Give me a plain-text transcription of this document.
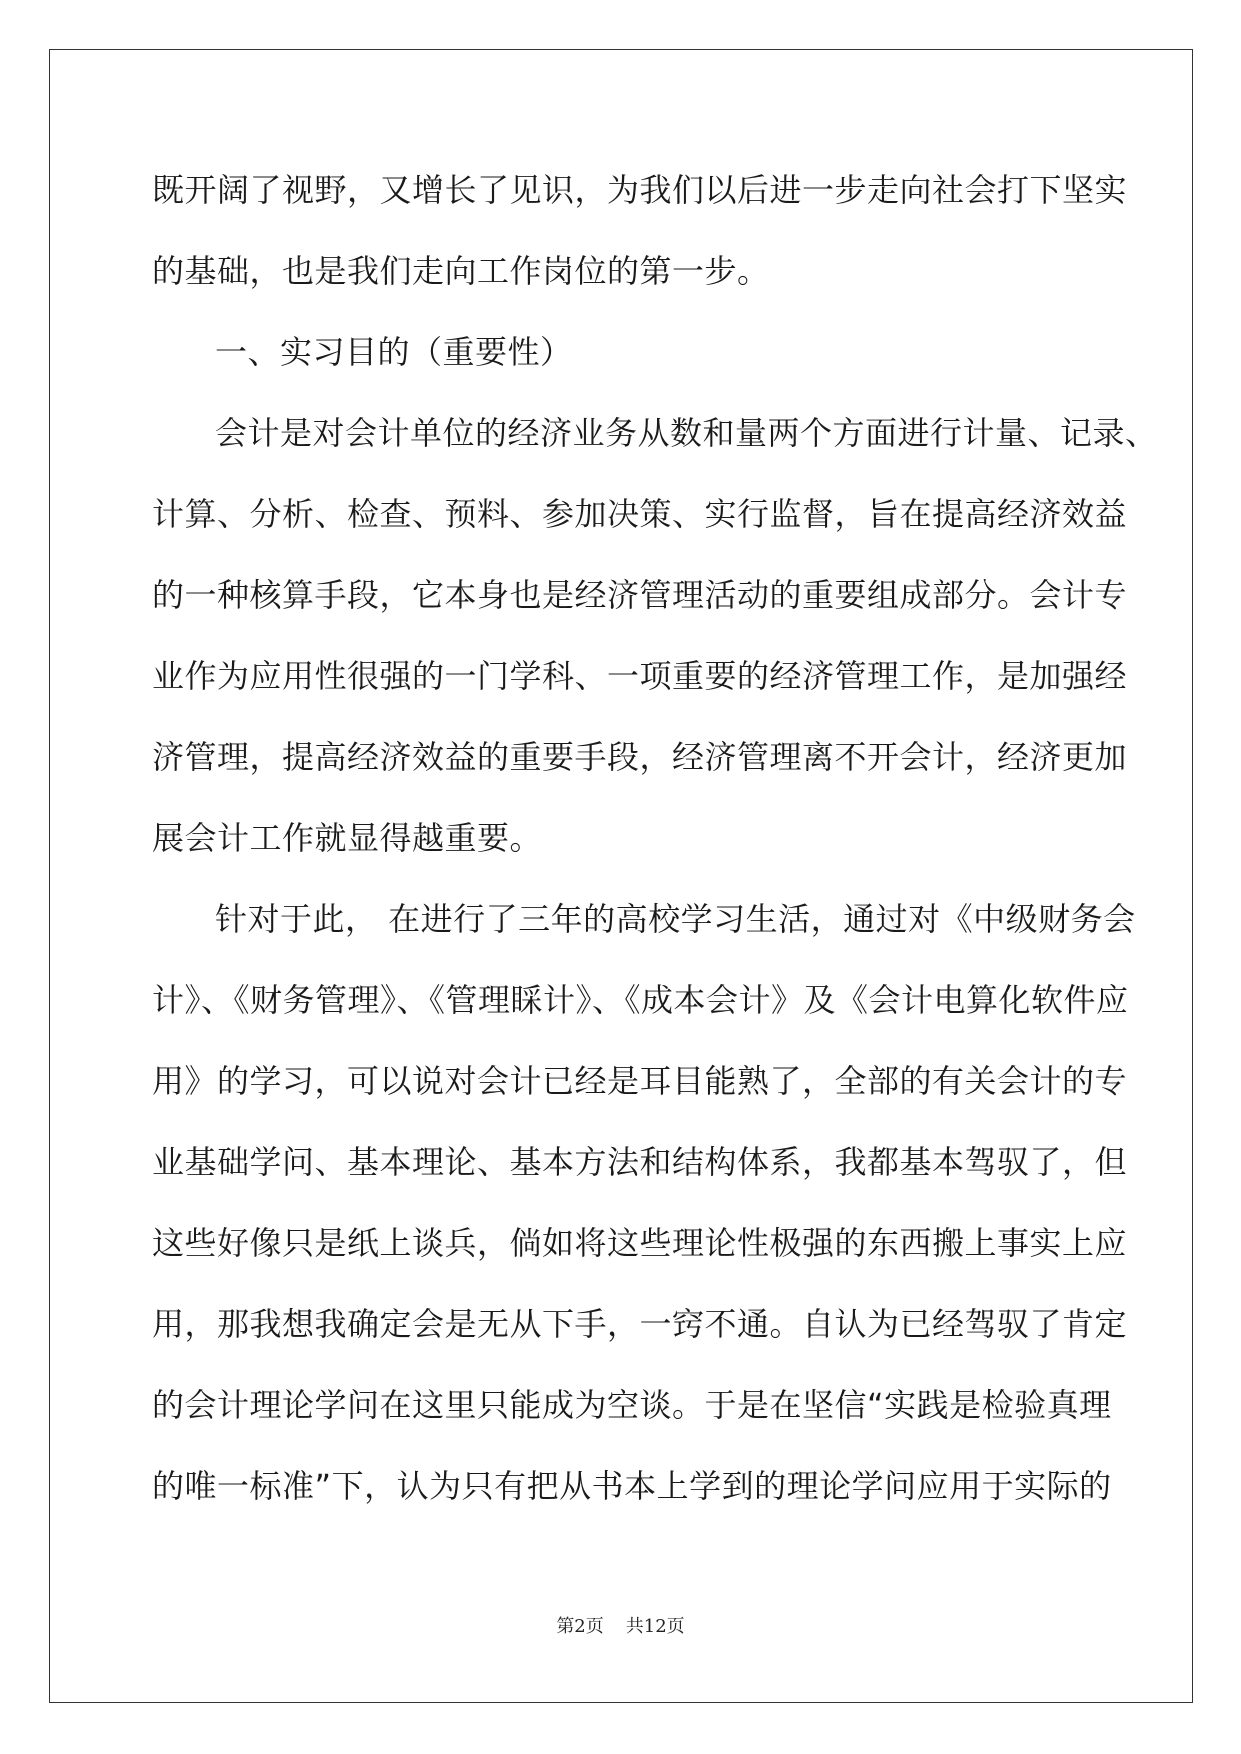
既开阔了视野，又增长了见识，为我们以后进一步走向社会打下坚实
的基础，也是我们走向工作岗位的第一步。
一、实习目的（重要性）
会计是对会计单位的经济业务从数和量两个方面进行计量、记录、
计算、分析、检查、预料、参加决策、实行监督，旨在提高经济效益
的一种核算手段，它本身也是经济管理活动的重要组成部分。会计专
业作为应用性很强的一门学科、一项重要的经济管理工作，是加强经
济管理，提高经济效益的重要手段，经济管理离不开会计，经济更加
展会计工作就显得越重要。
针对于此， 在进行了三年的高校学习生活，通过对《中级财务会
计》、《财务管理》、《管理睬计》、《成本会计》及《会计电算化软件应
用》的学习，可以说对会计已经是耳目能熟了，全部的有关会计的专
业基础学问、基本理论、基本方法和结构体系，我都基本驾驭了，但
这些好像只是纸上谈兵，倘如将这些理论性极强的东西搬上事实上应
用，那我想我确定会是无从下手，一窍不通。自认为已经驾驭了肯定
的会计理论学问在这里只能成为空谈。于是在坚信“实践是检验真理
的唯一标准”下，认为只有把从书本上学到的理论学问应用于实际的
第2页 共12页
